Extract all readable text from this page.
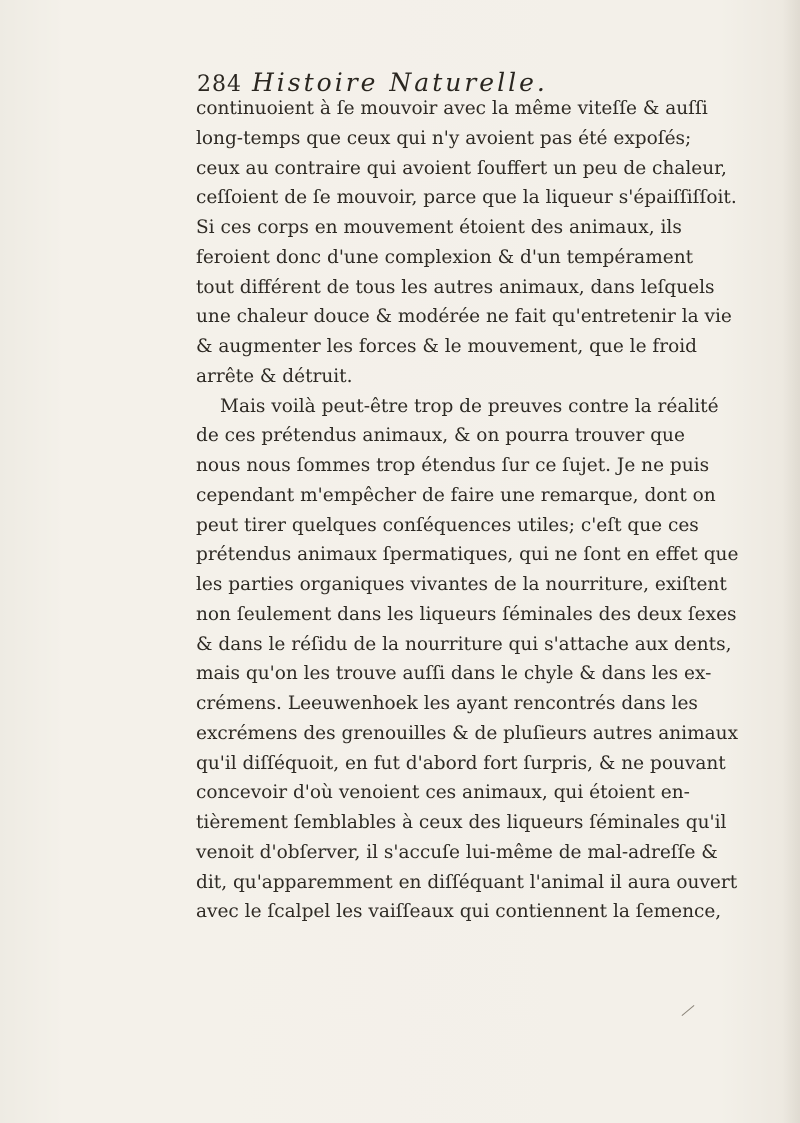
284 Histoire Naturelle.
continuoient à ſe mouvoir avec la même viteſſe & auſſi
long-temps que ceux qui n'y avoient pas été expoſés;
ceux au contraire qui avoient ſouffert un peu de chaleur,
ceſſoient de ſe mouvoir, parce que la liqueur s'épaiſſiſſoit.
Si ces corps en mouvement étoient des animaux, ils
feroient donc d'une complexion & d'un tempérament
tout différent de tous les autres animaux, dans leſquels
une chaleur douce & modérée ne fait qu'entretenir la vie
& augmenter les forces & le mouvement, que le froid
arrête & détruit.
Mais voilà peut-être trop de preuves contre la réalité
de ces prétendus animaux, & on pourra trouver que
nous nous ſommes trop étendus ſur ce ſujet. Je ne puis
cependant m'empêcher de faire une remarque, dont on
peut tirer quelques conſéquences utiles; c'eſt que ces
prétendus animaux ſpermatiques, qui ne ſont en effet que
les parties organiques vivantes de la nourriture, exiſtent
non ſeulement dans les liqueurs ſéminales des deux ſexes
& dans le réſidu de la nourriture qui s'attache aux dents,
mais qu'on les trouve auſſi dans le chyle & dans les ex-
crémens. Leeuwenhoek les ayant rencontrés dans les
excrémens des grenouilles & de pluſieurs autres animaux
qu'il diſſéquoit, en fut d'abord fort ſurpris, & ne pouvant
concevoir d'où venoient ces animaux, qui étoient en-
tièrement ſemblables à ceux des liqueurs ſéminales qu'il
venoit d'obſerver, il s'accuſe lui-même de mal-adreſſe &
dit, qu'apparemment en diſſéquant l'animal il aura ouvert
avec le ſcalpel les vaiſſeaux qui contiennent la ſemence,
